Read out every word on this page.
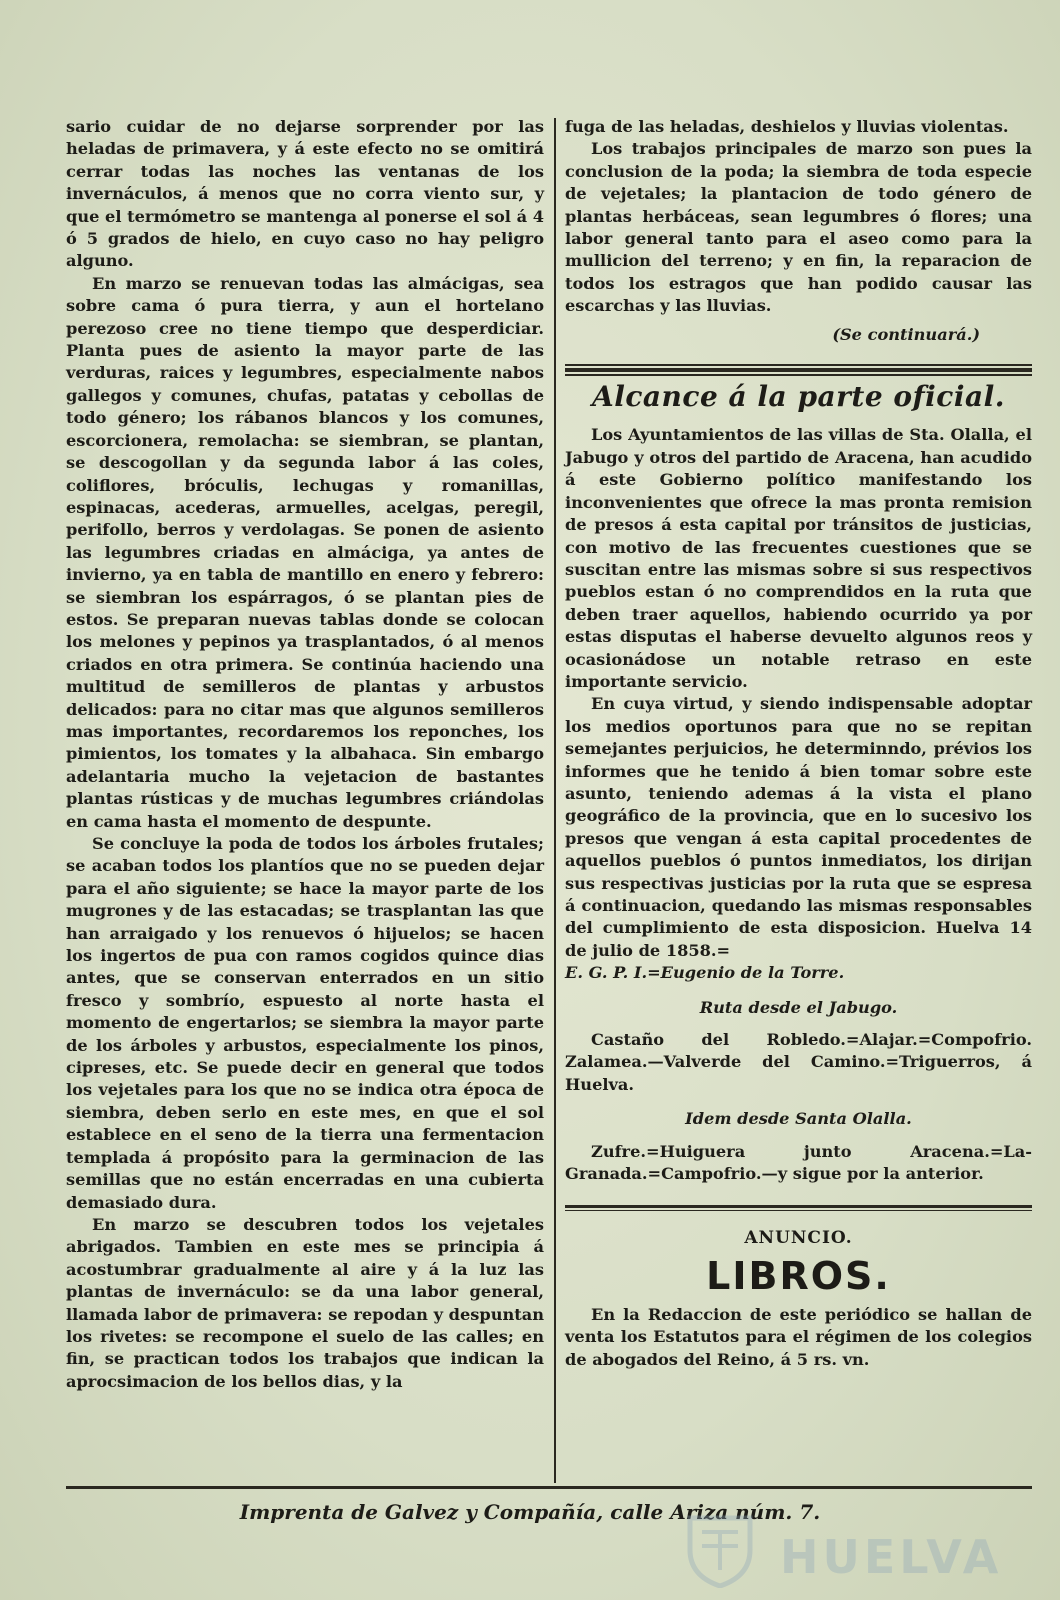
sario cuidar de no dejarse sorprender por las heladas de primavera, y á este efecto no se omitirá cerrar todas las noches las ventanas de los invernáculos, á menos que no corra viento sur, y que el termómetro se mantenga al ponerse el sol á 4 ó 5 grados de hielo, en cuyo caso no hay peligro alguno.

En marzo se renuevan todas las almácigas, sea sobre cama ó pura tierra, y aun el hortelano perezoso cree no tiene tiempo que desperdiciar. Planta pues de asiento la mayor parte de las verduras, raices y legumbres, especialmente nabos gallegos y comunes, chufas, patatas y cebollas de todo género; los rábanos blancos y los comunes, escorcionera, remolacha: se siembran, se plantan, se descogollan y da segunda labor á las coles, coliflores, bróculis, lechugas y romanillas, espinacas, acederas, armuelles, acelgas, peregil, perifollo, berros y verdolagas. Se ponen de asiento las legumbres criadas en almáciga, ya antes de invierno, ya en tabla de mantillo en enero y febrero: se siembran los espárragos, ó se plantan pies de estos. Se preparan nuevas tablas donde se colocan los melones y pepinos ya trasplantados, ó al menos criados en otra primera. Se continúa haciendo una multitud de semilleros de plantas y arbustos delicados: para no citar mas que algunos semilleros mas importantes, recordaremos los reponches, los pimientos, los tomates y la albahaca. Sin embargo adelantaria mucho la vejetacion de bastantes plantas rústicas y de muchas legumbres criándolas en cama hasta el momento de despunte.

Se concluye la poda de todos los árboles frutales; se acaban todos los plantíos que no se pueden dejar para el año siguiente; se hace la mayor parte de los mugrones y de las estacadas; se trasplantan las que han arraigado y los renuevos ó hijuelos; se hacen los ingertos de pua con ramos cogidos quince dias antes, que se conservan enterrados en un sitio fresco y sombrío, espuesto al norte hasta el momento de engertarlos; se siembra la mayor parte de los árboles y arbustos, especialmente los pinos, cipreses, etc. Se puede decir en general que todos los vejetales para los que no se indica otra época de siembra, deben serlo en este mes, en que el sol establece en el seno de la tierra una fermentacion templada á propósito para la germinacion de las semillas que no están encerradas en una cubierta demasiado dura.

En marzo se descubren todos los vejetales abrigados. Tambien en este mes se principia á acostumbrar gradualmente al aire y á la luz las plantas de invernáculo: se da una labor general, llamada labor de primavera: se repodan y despuntan los rivetes: se recompone el suelo de las calles; en fin, se practican todos los trabajos que indican la aprocsimacion de los bellos dias, y la

fuga de las heladas, deshielos y lluvias violentas.

Los trabajos principales de marzo son pues la conclusion de la poda; la siembra de toda especie de vejetales; la plantacion de todo género de plantas herbáceas, sean legumbres ó flores; una labor general tanto para el aseo como para la mullicion del terreno; y en fin, la reparacion de todos los estragos que han podido causar las escarchas y las lluvias.

(Se continuará.)
Alcance á la parte oficial.

Los Ayuntamientos de las villas de Sta. Olalla, el Jabugo y otros del partido de Aracena, han acudido á este Gobierno político manifestando los inconvenientes que ofrece la mas pronta remision de presos á esta capital por tránsitos de justicias, con motivo de las frecuentes cuestiones que se suscitan entre las mismas sobre si sus respectivos pueblos estan ó no comprendidos en la ruta que deben traer aquellos, habiendo ocurrido ya por estas disputas el haberse devuelto algunos reos y ocasionádose un notable retraso en este importante servicio.

En cuya virtud, y siendo indispensable adoptar los medios oportunos para que no se repitan semejantes perjuicios, he determinndo, prévios los informes que he tenido á bien tomar sobre este asunto, teniendo ademas á la vista el plano geográfico de la provincia, que en lo sucesivo los presos que vengan á esta capital procedentes de aquellos pueblos ó puntos inmediatos, los dirijan sus respectivas justicias por la ruta que se espresa á continuacion, quedando las mismas responsables del cumplimiento de esta disposicion. Huelva 14 de julio de 1858.=

E. G. P. I.=Eugenio de la Torre.

Ruta desde el Jabugo.

Castaño del Robledo.=Alajar.=Compofrio. Zalamea.—Valverde del Camino.=Triguerros, á Huelva.

Idem desde Santa Olalla.

Zufre.=Huiguera junto Aracena.=La-Granada.=Campofrio.—y sigue por la anterior.

ANUNCIO.
LIBROS.

En la Redaccion de este periódico se hallan de venta los Estatutos para el régimen de los colegios de abogados del Reino, á 5 rs. vn.

Imprenta de Galvez y Compañía, calle Ariza núm. 7.
HUELVA
